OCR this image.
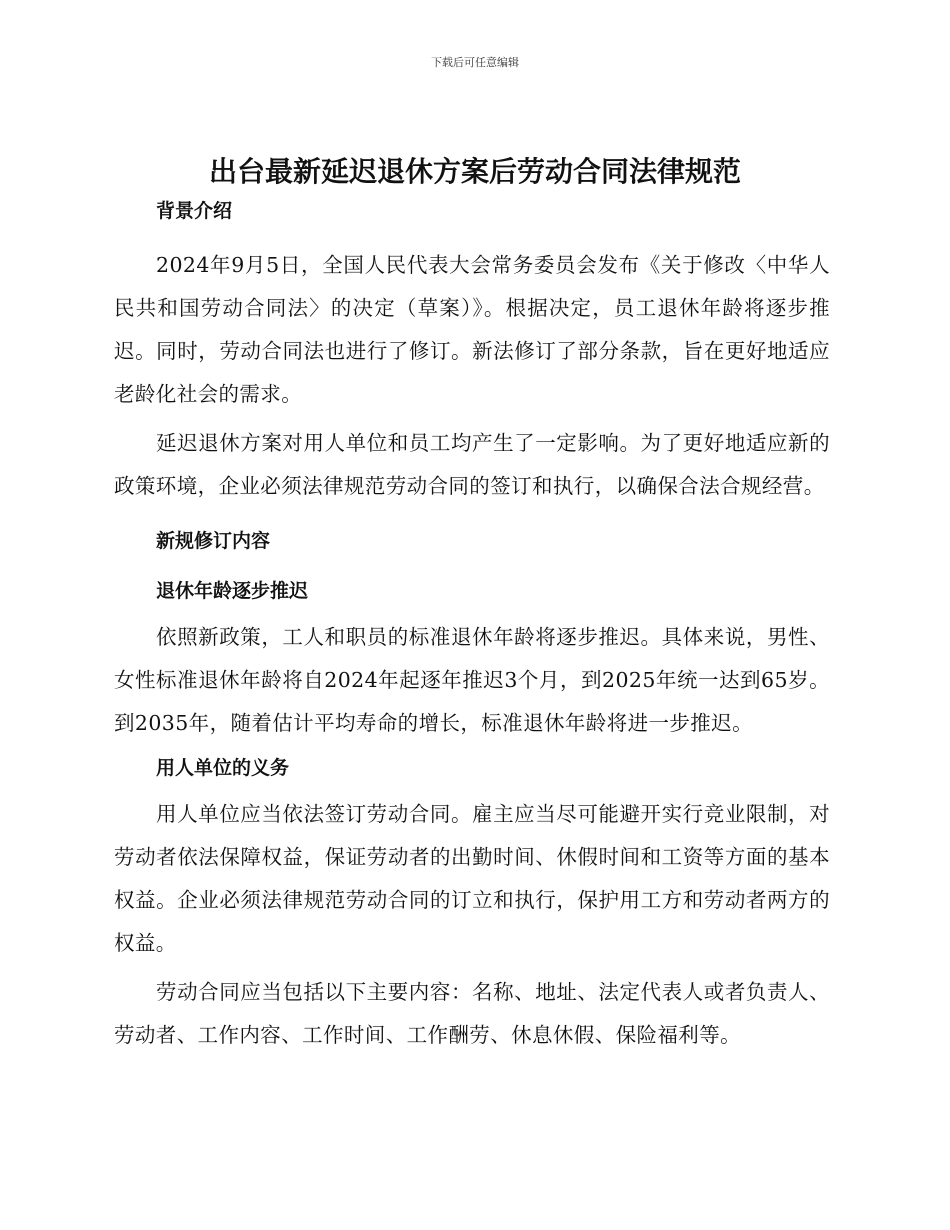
下载后可任意编辑
出台最新延迟退休方案后劳动合同法律规范

背景介绍

2024年9月5日，全国人民代表大会常务委员会发布《关于修改〈中华人民共和国劳动合同法〉的决定（草案）》。根据决定，员工退休年龄将逐步推迟。同时，劳动合同法也进行了修订。新法修订了部分条款，旨在更好地适应老龄化社会的需求。

延迟退休方案对用人单位和员工均产生了一定影响。为了更好地适应新的政策环境，企业必须法律规范劳动合同的签订和执行，以确保合法合规经营。

新规修订内容

退休年龄逐步推迟

依照新政策，工人和职员的标准退休年龄将逐步推迟。具体来说，男性、女性标准退休年龄将自2024年起逐年推迟3个月，到2025年统一达到65岁。到2035年，随着估计平均寿命的增长，标准退休年龄将进一步推迟。

用人单位的义务

用人单位应当依法签订劳动合同。雇主应当尽可能避开实行竞业限制，对劳动者依法保障权益，保证劳动者的出勤时间、休假时间和工资等方面的基本权益。企业必须法律规范劳动合同的订立和执行，保护用工方和劳动者两方的权益。

劳动合同应当包括以下主要内容：名称、地址、法定代表人或者负责人、劳动者、工作内容、工作时间、工作酬劳、休息休假、保险福利等。
